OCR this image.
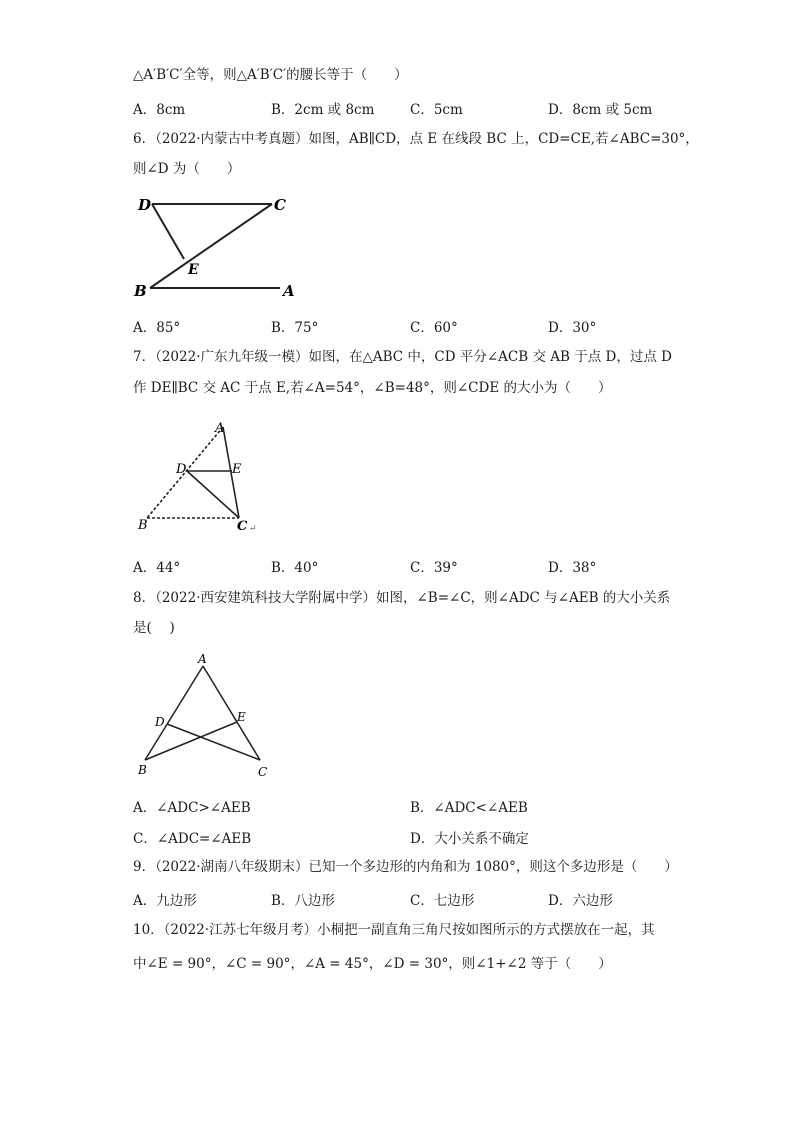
△A′B′C′全等，则△A′B′C′的腰长等于（　　）
A．8cm	B．2cm 或 8cm	C．5cm	D．8cm 或 5cm
6．（2022·内蒙古中考真题）如图，AB∥CD，点 E 在线段 BC 上，CD=CE,若∠ABC=30°，
则∠D 为（　　）
D	C
E
B	A
A．85°	B．75°	C．60°	D．30°
7．（2022·广东九年级一模）如图，在△ABC 中，CD 平分∠ACB 交 AB 于点 D，过点 D
作 DE∥BC 交 AC 于点 E,若∠A=54°，∠B=48°，则∠CDE 的大小为（　　）
A
D	E
B	C ↵
A．44°	B．40°	C．39°	D．38°
8．（2022·西安建筑科技大学附属中学）如图，∠B=∠C，则∠ADC 与∠AEB 的大小关系
是(　 )
A
D	E
B	C
A．∠ADC>∠AEB	B．∠ADC<∠AEB
C．∠ADC=∠AEB	D．大小关系不确定
9．（2022·湖南八年级期末）已知一个多边形的内角和为 1080°，则这个多边形是（　　）
A．九边形	B．八边形	C．七边形	D．六边形
10．（2022·江苏七年级月考）小桐把一副直角三角尺按如图所示的方式摆放在一起，其
中∠E = 90°，∠C = 90°，∠A = 45°，∠D = 30°，则∠1+∠2 等于（　　）
